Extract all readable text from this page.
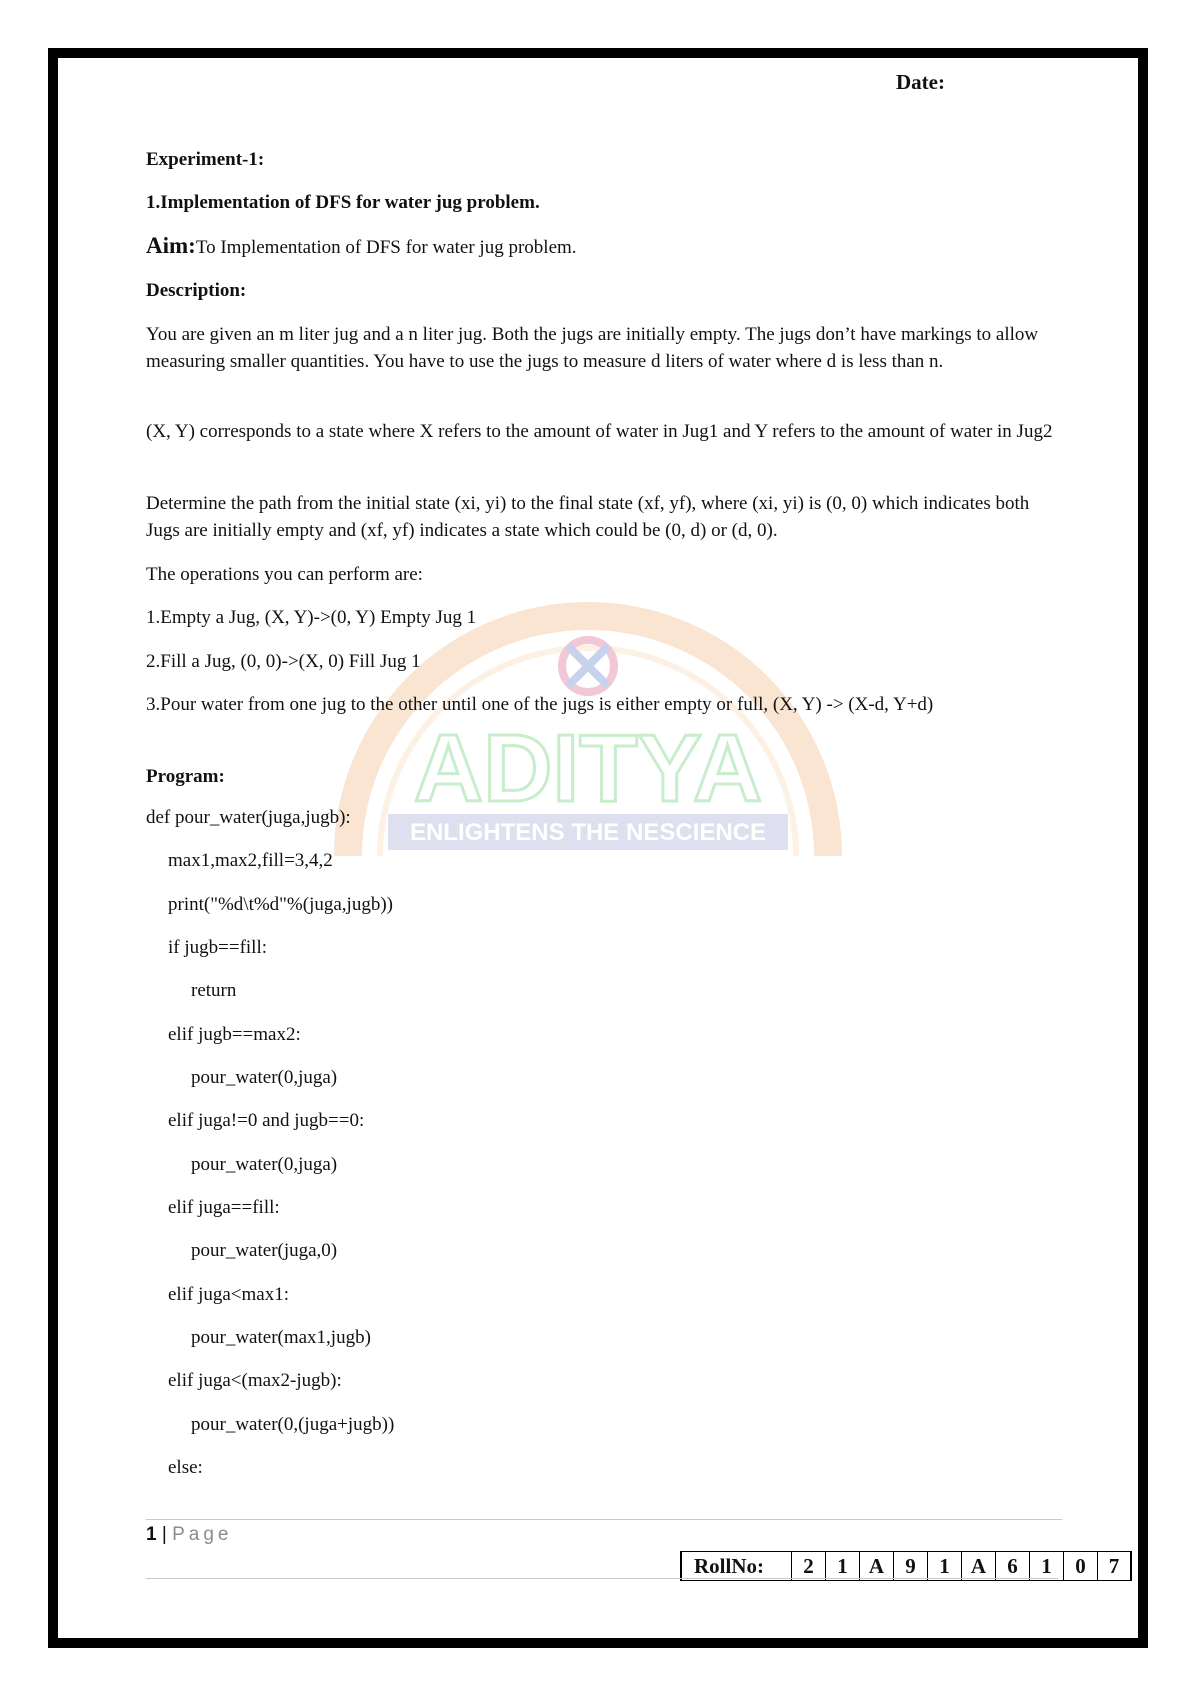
ADITYA
ENLIGHTENS THE NESCIENCE
Date:
Experiment-1:
1.Implementation of DFS for water jug problem.
Aim:To Implementation of DFS for water jug problem.
Description:
You are given an m liter jug and a n liter jug. Both the jugs are initially empty. The jugs don’t have markings to allow measuring smaller quantities. You have to use the jugs to measure d liters of water where d is less than n.
(X, Y) corresponds to a state where X refers to the amount of water in Jug1 and Y refers to the amount of water in Jug2
Determine the path from the initial state (xi, yi) to the final state (xf, yf), where (xi, yi) is (0, 0) which indicates both Jugs are initially empty and (xf, yf) indicates a state which could be (0, d) or (d, 0).
The operations you can perform are:
1.Empty a Jug, (X, Y)->(0, Y) Empty Jug 1
2.Fill a Jug, (0, 0)->(X, 0) Fill Jug 1
3.Pour water from one jug to the other until one of the jugs is either empty or full, (X, Y) -> (X-d, Y+d)
Program:
def pour_water(juga,jugb):
max1,max2,fill=3,4,2
print("%d\t%d"%(juga,jugb))
if jugb==fill:
return
elif jugb==max2:
pour_water(0,juga)
elif juga!=0 and jugb==0:
pour_water(0,juga)
elif juga==fill:
pour_water(juga,0)
elif juga<max1:
pour_water(max1,jugb)
elif juga<(max2-jugb):
pour_water(0,(juga+jugb))
else:
1 | Page
RollNo:	2	1	A	9	1	A	6	1	0	7
